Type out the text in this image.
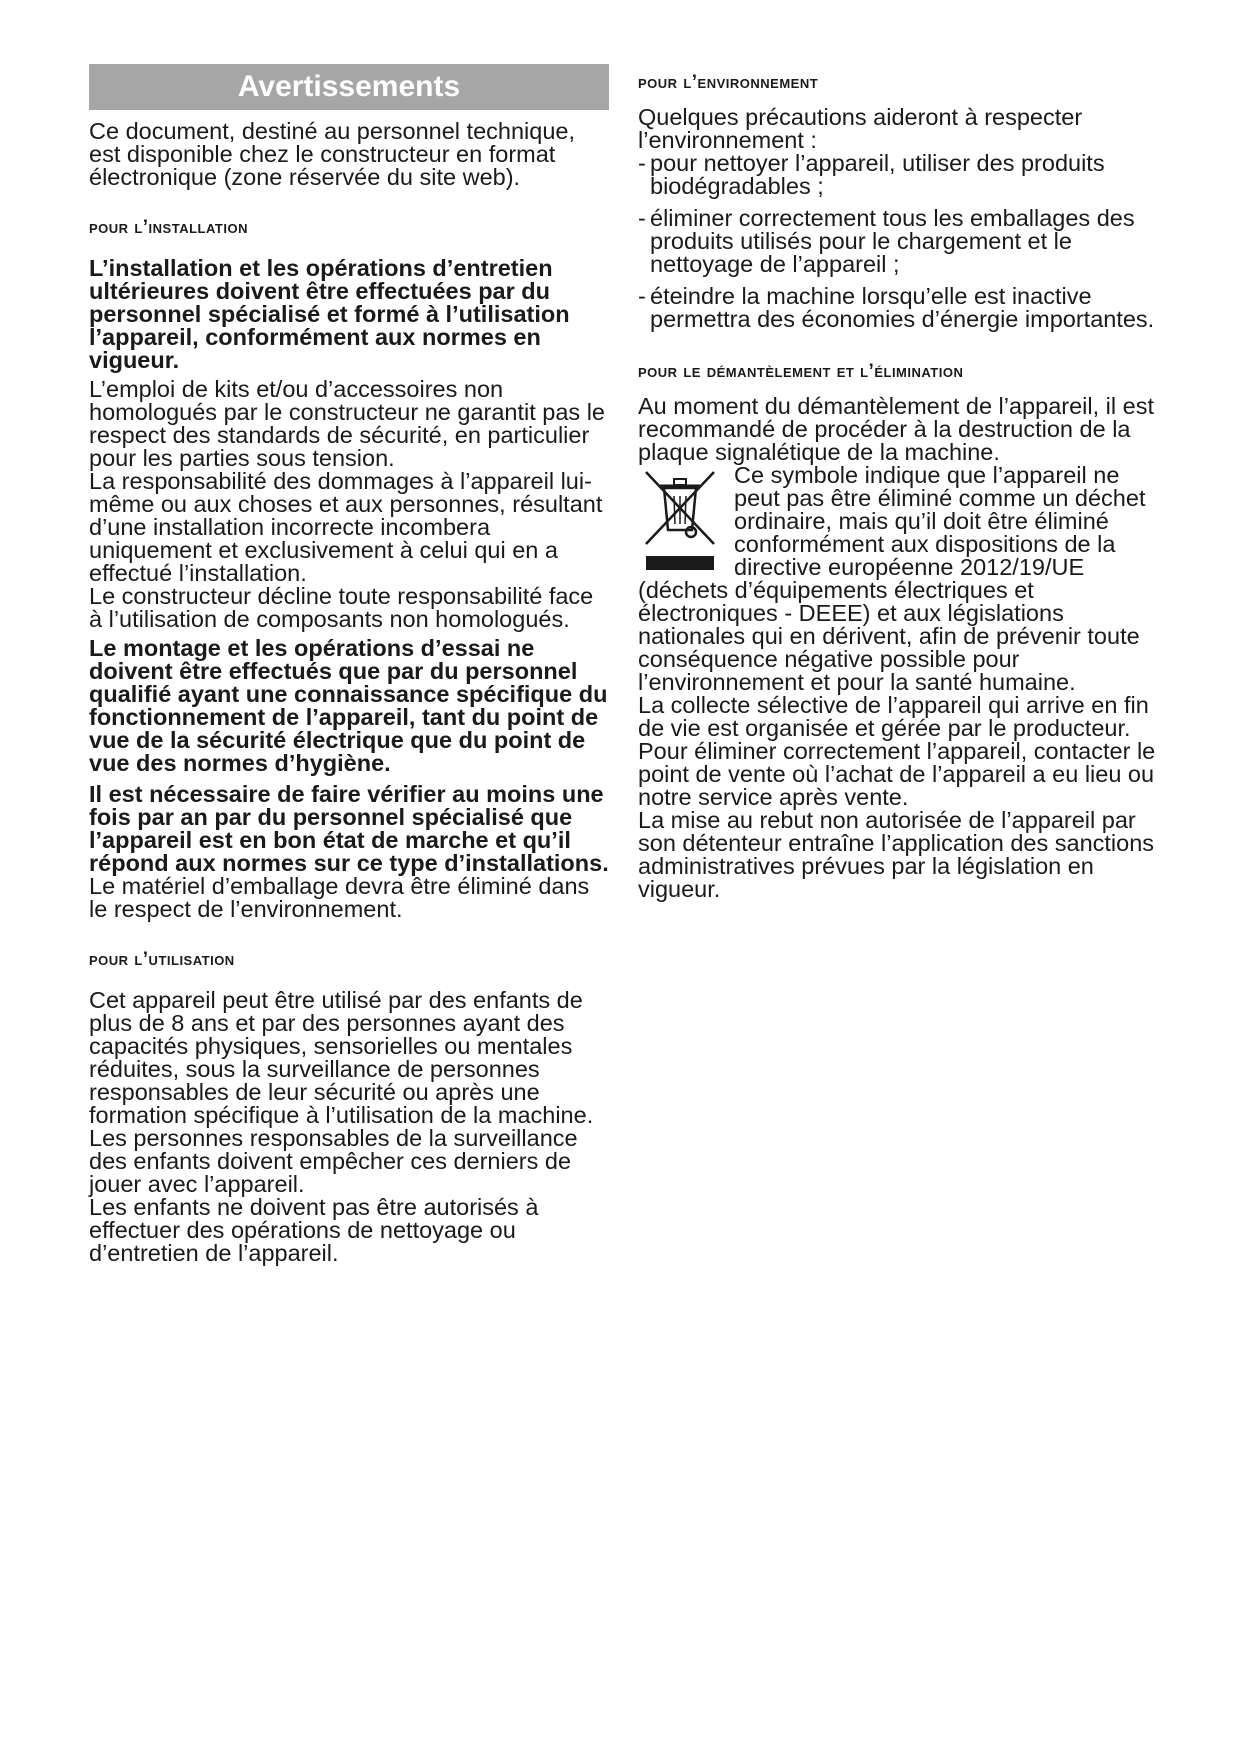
Avertissements

Ce document, destiné au personnel technique, est disponible chez le constructeur en format électronique (zone réservée du site web).

pour l’installation

L’installation et les opérations d’entretien ultérieures doivent être effectuées par du personnel spécialisé et formé à l’utilisation l’appareil, conformément aux normes en vigueur.

L’emploi de kits et/ou d’accessoires non homologués par le constructeur ne garantit pas le respect des standards de sécurité, en particulier pour les parties sous tension.

La responsabilité des dommages à l’appareil lui-même ou aux choses et aux personnes, résultant d’une installation incorrecte incombera uniquement et exclusivement à celui qui en a effectué l’installation.

Le constructeur décline toute responsabilité face à l’utilisation de composants non homologués.

Le montage et les opérations d’essai ne doivent être effectués que par du personnel qualifié ayant une connaissance spécifique du fonctionnement de l’appareil, tant du point de vue de la sécurité électrique que du point de vue des normes d’hygiène.

Il est nécessaire de faire vérifier au moins une fois par an par du personnel spécialisé que l’appareil est en bon état de marche et qu’il répond aux normes sur ce type d’installations.

Le matériel d’emballage devra être éliminé dans le respect de l’environnement.

pour l’utilisation

Cet appareil peut être utilisé par des enfants de plus de 8 ans et par des personnes ayant des capacités physiques, sensorielles ou mentales réduites, sous la surveillance de personnes responsables de leur sécurité ou après une formation spécifique à l’utilisation de la machine.

Les personnes responsables de la surveillance des enfants doivent empêcher ces derniers de jouer avec l’appareil.

Les enfants ne doivent pas être autorisés à effectuer des opérations de nettoyage ou d’entretien de l’appareil.

pour l’environnement

Quelques précautions aideront à respecter l’environnement :

- pour nettoyer l’appareil, utiliser des produits biodégradables ;
- éliminer correctement tous les emballages des produits utilisés pour le chargement et le nettoyage de l’appareil ;
- éteindre la machine lorsqu’elle est inactive permettra des économies d’énergie importantes.
pour le démantèlement et l’élimination

Au moment du démantèlement de l’appareil, il est recommandé de procéder à la destruction de la plaque signalétique de la machine.

Ce symbole indique que l’appareil ne peut pas être éliminé comme un déchet ordinaire, mais qu’il doit être éliminé conformément aux dispositions de la directive européenne 2012/19/UE (déchets d’équipements électriques et électroniques - DEEE) et aux législations nationales qui en dérivent, afin de prévenir toute conséquence négative possible pour l’environnement et pour la santé humaine.

La collecte sélective de l’appareil qui arrive en fin de vie est organisée et gérée par le producteur.

Pour éliminer correctement l’appareil, contacter le point de vente où l’achat de l’appareil a eu lieu ou notre service après vente.

La mise au rebut non autorisée de l’appareil par son détenteur entraîne l’application des sanctions administratives prévues par la législation en vigueur.
